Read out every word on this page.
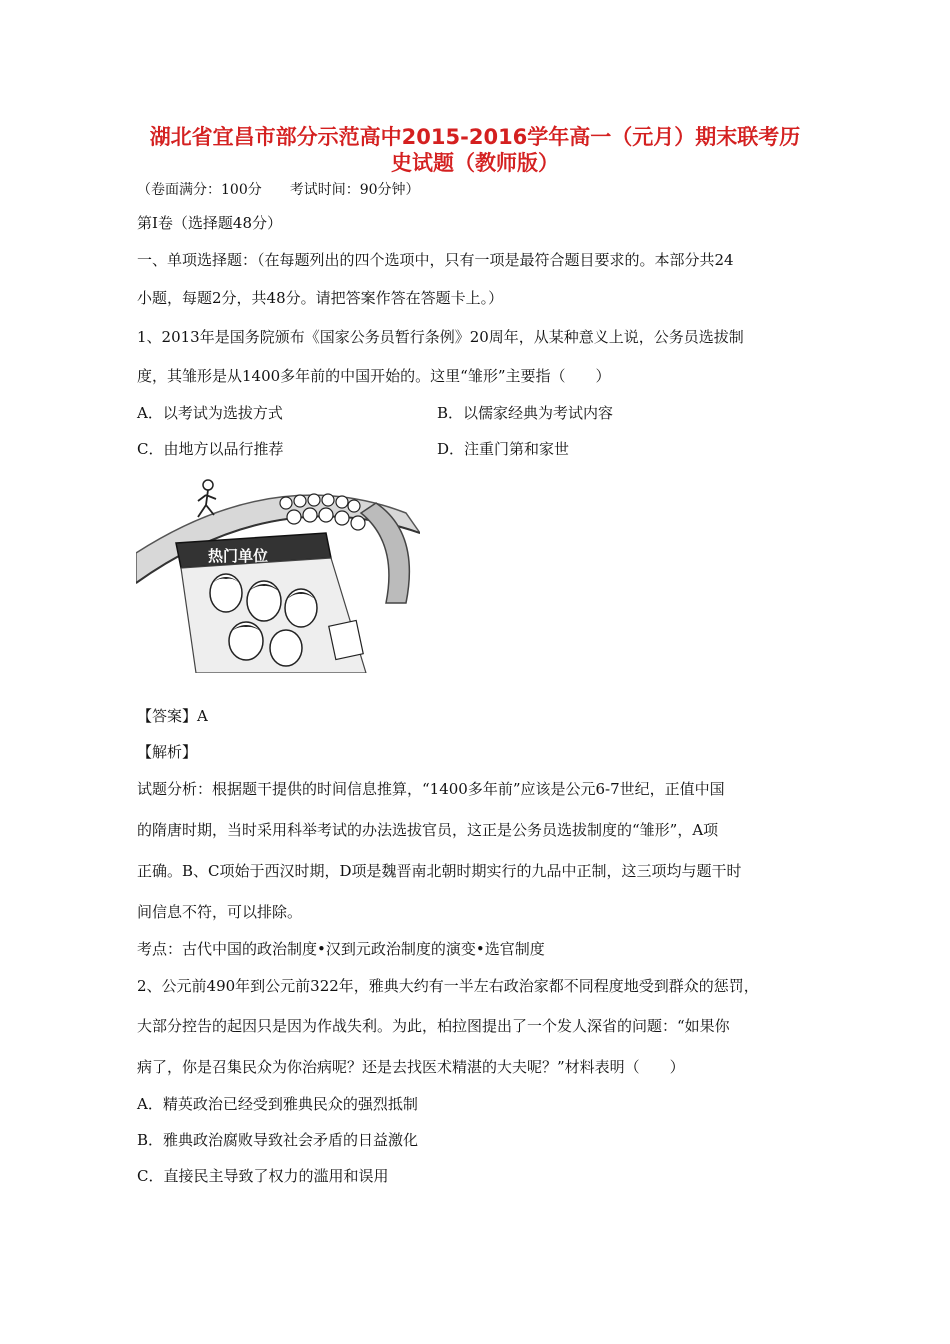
湖北省宜昌市部分示范高中2015-2016学年高一（元月）期末联考历
史试题（教师版）
（卷面满分：100分　　考试时间：90分钟）
第Ⅰ卷（选择题48分）
一、单项选择题：（在每题列出的四个选项中，只有一项是最符合题目要求的。本部分共24
小题，每题2分，共48分。请把答案作答在答题卡上。）
1、2013年是国务院颁布《国家公务员暂行条例》20周年，从某种意义上说，公务员选拔制
度，其雏形是从1400多年前的中国开始的。这里“雏形”主要指（　　）
A．以考试为选拔方式	B．以儒家经典为考试内容
C．由地方以品行推荐	D．注重门第和家世
热门单位
【答案】A
【解析】
试题分析：根据题干提供的时间信息推算，“1400多年前”应该是公元6-7世纪，正值中国
的隋唐时期，当时采用科举考试的办法选拔官员，这正是公务员选拔制度的“雏形”，A项
正确。B、C项始于西汉时期，D项是魏晋南北朝时期实行的九品中正制，这三项均与题干时
间信息不符，可以排除。
考点：古代中国的政治制度•汉到元政治制度的演变•选官制度
2、公元前490年到公元前322年，雅典大约有一半左右政治家都不同程度地受到群众的惩罚，
大部分控告的起因只是因为作战失利。为此，柏拉图提出了一个发人深省的问题：“如果你
病了，你是召集民众为你治病呢？还是去找医术精湛的大夫呢？”材料表明（　　）
A．精英政治已经受到雅典民众的强烈抵制
B．雅典政治腐败导致社会矛盾的日益激化
C．直接民主导致了权力的滥用和误用
